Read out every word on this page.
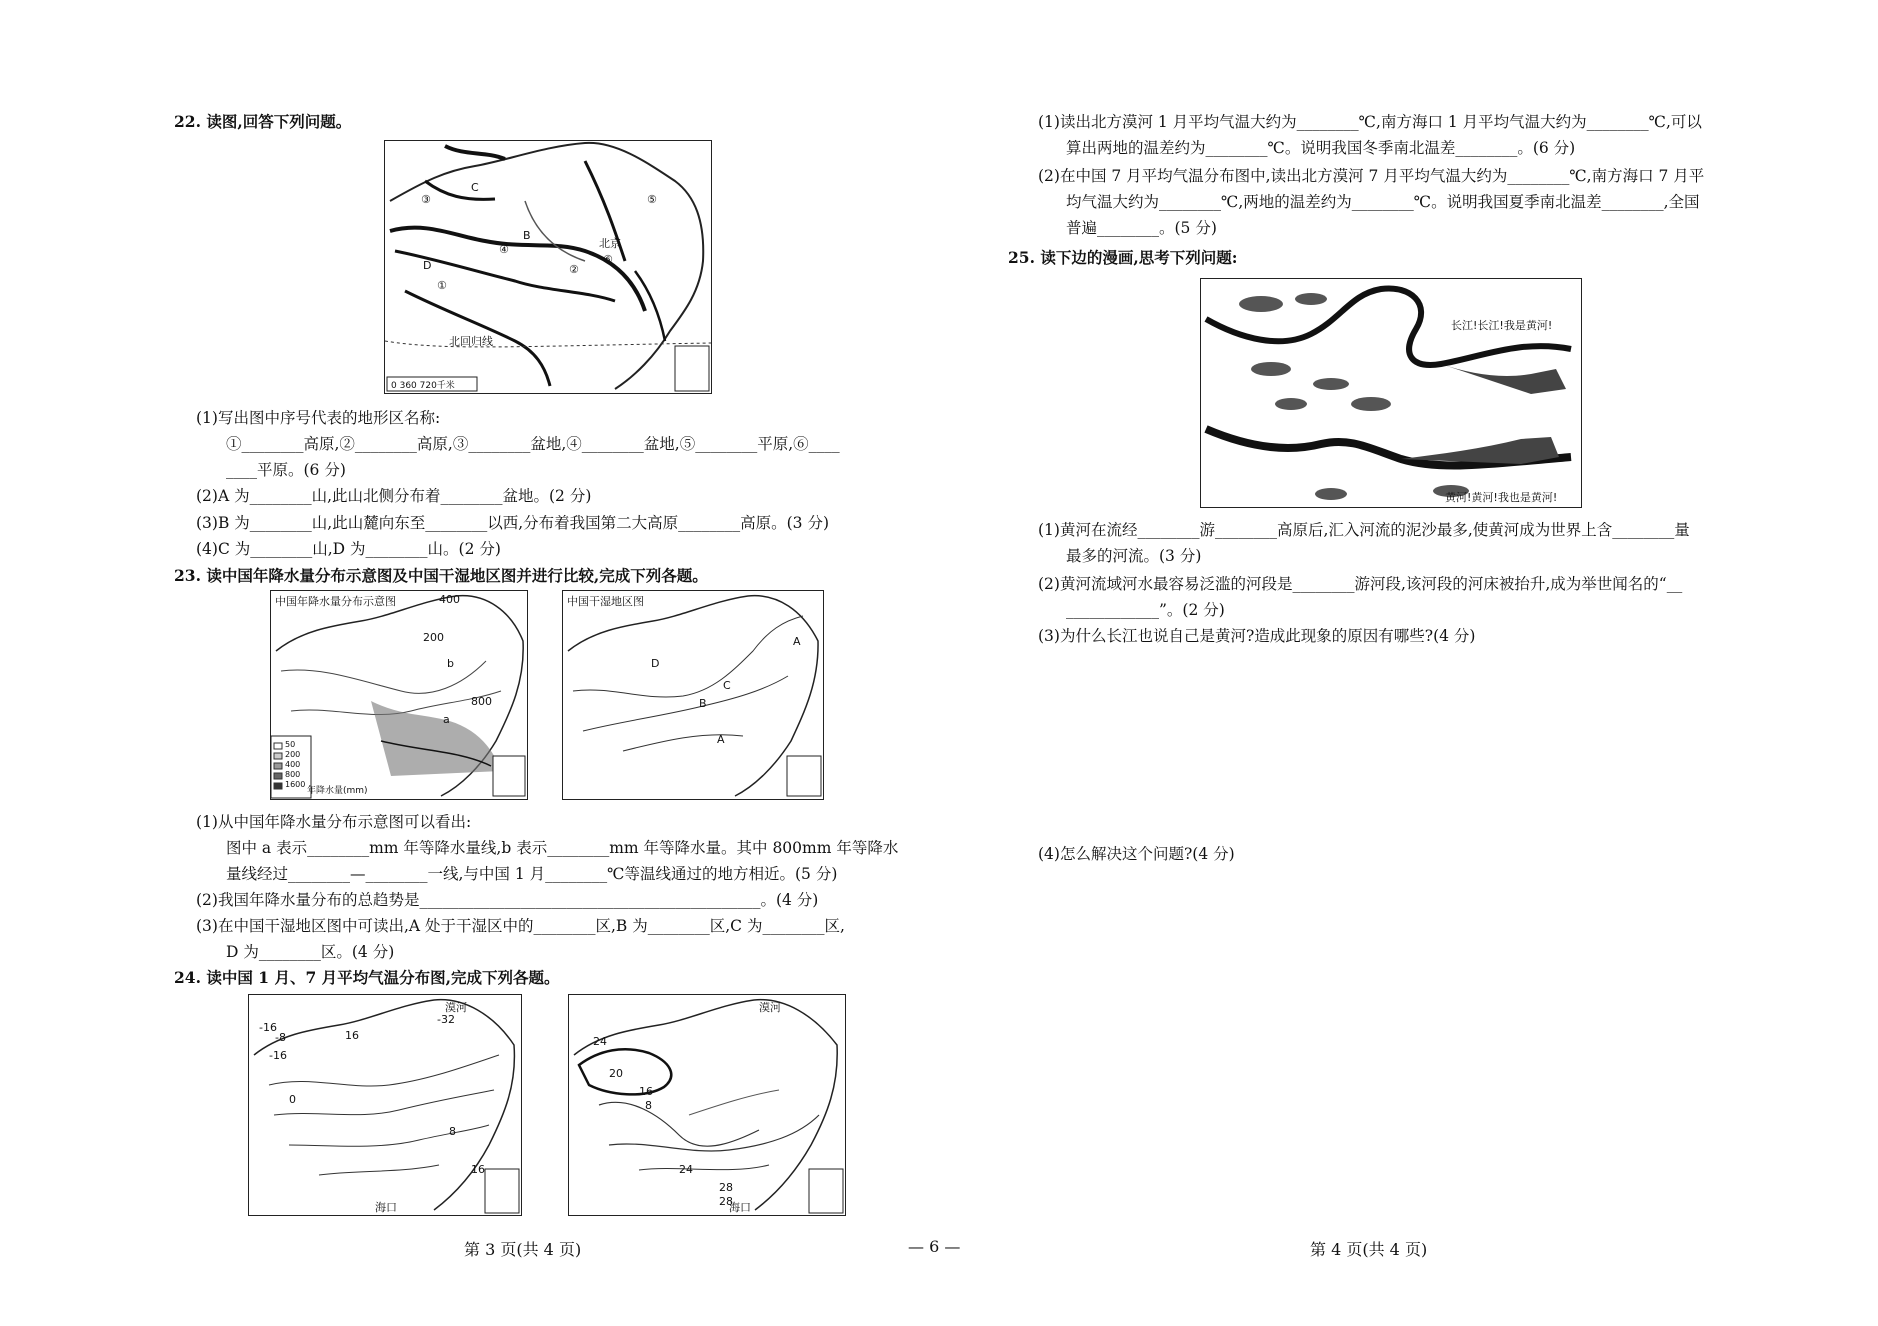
22. 读图,回答下列问题。
C
③	⑤
B
④
D
①
②
北京
⑥
北回归线
0 360 720千米
(1)写出图中序号代表的地形区名称:
①________高原,②________高原,③________盆地,④________盆地,⑤________平原,⑥____
____平原。(6 分)
(2)A 为________山,此山北侧分布着________盆地。(2 分)
(3)B 为________山,此山麓向东至________以西,分布着我国第二大高原________高原。(3 分)
(4)C 为________山,D 为________山。(2 分)
23. 读中国年降水量分布示意图及中国干湿地区图并进行比较,完成下列各题。
中国年降水量分布示意图	400
200
b
800
a
50
200
400
800
1600
年降水量(mm)
中国干湿地区图
D
A
C
B
A
(1)从中国年降水量分布示意图可以看出:
图中 a 表示________mm 年等降水量线,b 表示________mm 年等降水量。其中 800mm 年等降水
量线经过________—________一线,与中国 1 月________℃等温线通过的地方相近。(5 分)
(2)我国年降水量分布的总趋势是____________________________________________。(4 分)
(3)在中国干湿地区图中可读出,A 处于干湿区中的________区,B 为________区,C 为________区,
D 为________区。(4 分)
24. 读中国 1 月、7 月平均气温分布图,完成下列各题。
漠河
-32
-16
-8
-16
16
0
8
16
海口
漠河
24
20
16
8
24
28
海口
28
第 3 页(共 4 页)	— 6 —
(1)读出北方漠河 1 月平均气温大约为________℃,南方海口 1 月平均气温大约为________℃,可以
算出两地的温差约为________℃。说明我国冬季南北温差________。(6 分)
(2)在中国 7 月平均气温分布图中,读出北方漠河 7 月平均气温大约为________℃,南方海口 7 月平
均气温大约为________℃,两地的温差约为________℃。说明我国夏季南北温差________,全国
普遍________。(5 分)
25. 读下边的漫画,思考下列问题:
长江!长江!我是黄河!
黄河!黄河!我也是黄河!
(1)黄河在流经________游________高原后,汇入河流的泥沙最多,使黄河成为世界上含________量
最多的河流。(3 分)
(2)黄河流域河水最容易泛滥的河段是________游河段,该河段的河床被抬升,成为举世闻名的“__
____________”。(2 分)
(3)为什么长江也说自己是黄河?造成此现象的原因有哪些?(4 分)
(4)怎么解决这个问题?(4 分)
第 4 页(共 4 页)
